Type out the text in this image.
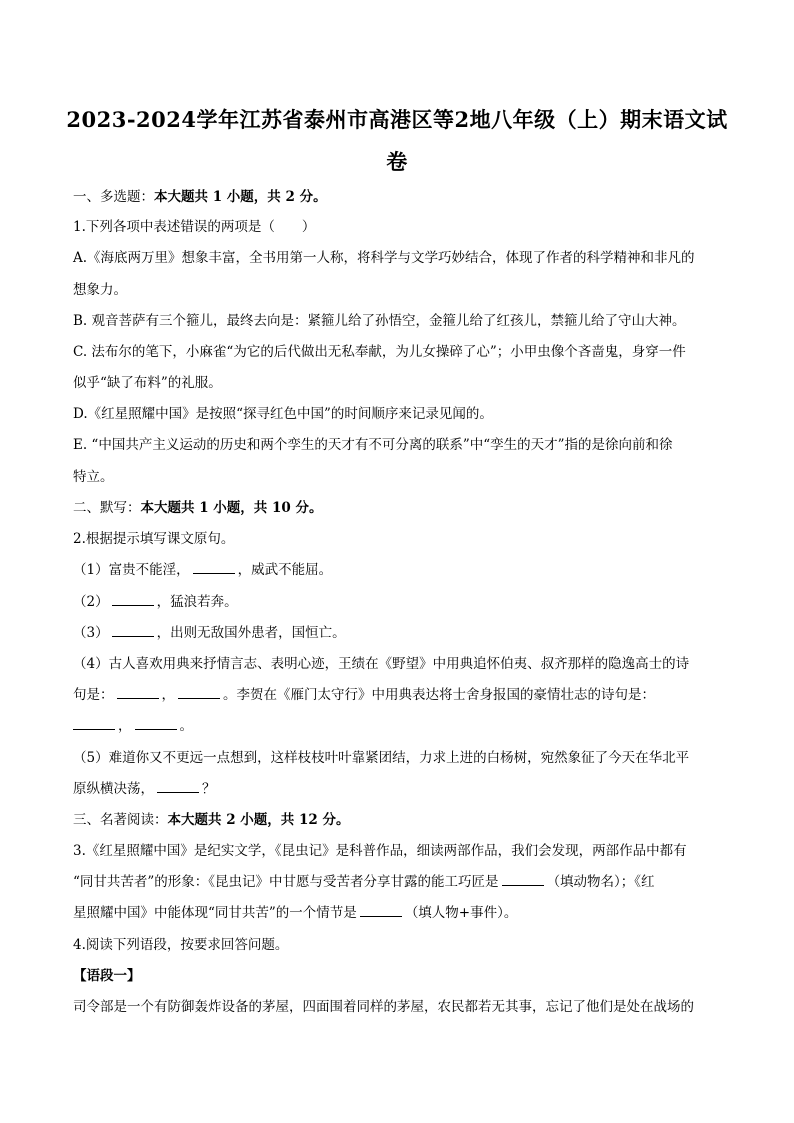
2023-2024学年江苏省泰州市高港区等2地八年级（上）期末语文试
卷
一、多选题：本大题共 1 小题，共 2 分。
1.下列各项中表述错误的两项是（　　）
A.《海底两万里》想象丰富，全书用第一人称，将科学与文学巧妙结合，体现了作者的科学精神和非凡的
想象力。
B. 观音菩萨有三个箍儿，最终去向是：紧箍儿给了孙悟空，金箍儿给了红孩儿，禁箍儿给了守山大神。
C. 法布尔的笔下，小麻雀“为它的后代做出无私奉献，为儿女操碎了心”；小甲虫像个吝啬鬼，身穿一件
似乎“缺了布料”的礼服。
D.《红星照耀中国》是按照“探寻红色中国”的时间顺序来记录见闻的。
E. “中国共产主义运动的历史和两个孪生的天才有不可分离的联系”中“孪生的天才”指的是徐向前和徐
特立。
二、默写：本大题共 1 小题，共 10 分。
2.根据提示填写课文原句。
（1）富贵不能淫，	，威武不能屈。
（2）	，猛浪若奔。
（3）	，出则无敌国外患者，国恒亡。
（4）古人喜欢用典来抒情言志、表明心迹，王绩在《野望》中用典追怀伯夷、叔齐那样的隐逸高士的诗
句是：	，	。李贺在《雁门太守行》中用典表达将士舍身报国的豪情壮志的诗句是：
，	。
（5）难道你又不更远一点想到，这样枝枝叶叶靠紧团结，力求上进的白杨树，宛然象征了今天在华北平
原纵横决荡，	？
三、名著阅读：本大题共 2 小题，共 12 分。
3.《红星照耀中国》是纪实文学，《昆虫记》是科普作品，细读两部作品，我们会发现，两部作品中都有
“同甘共苦者”的形象：《昆虫记》中甘愿与受苦者分享甘露的能工巧匠是	（填动物名）；《红
星照耀中国》中能体现“同甘共苦”的一个情节是	（填人物+事件）。
4.阅读下列语段，按要求回答问题。
【语段一】
司令部是一个有防御轰炸设备的茅屋，四面围着同样的茅屋，农民都若无其事，忘记了他们是处在战场的
